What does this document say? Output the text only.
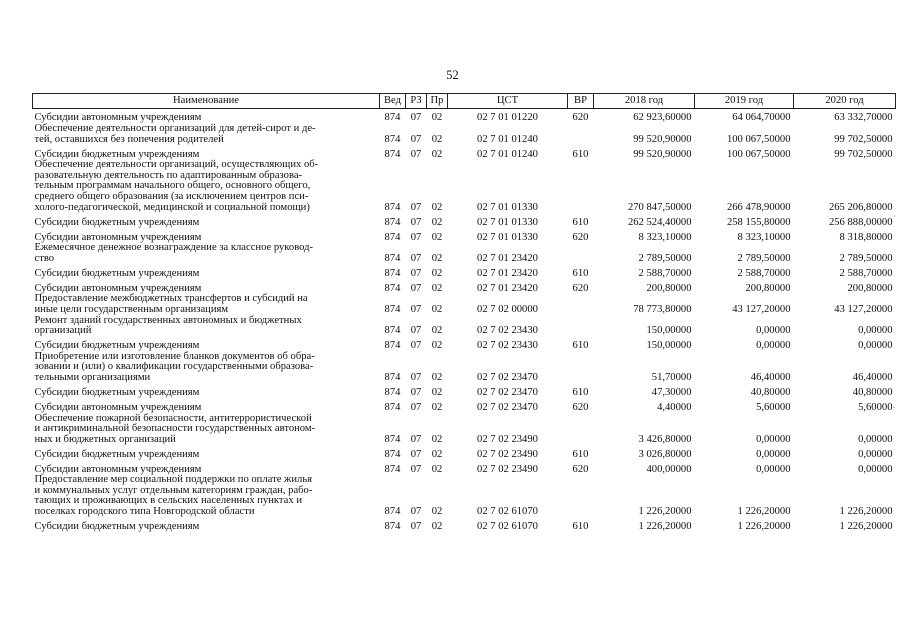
52
Наименование	Вед	РЗ	Пр	ЦСТ	ВР	2018 год	2019 год	2020 год
Субсидии автономным учреждениям	874	07	02	02 7 01 01220	620	62 923,60000	64 064,70000	63 332,70000
Обеспечение деятельности организаций для детей-сирот и де-
тей, оставшихся без попечения родителей	874	07	02	02 7 01 01240		99 520,90000	100 067,50000	99 702,50000
Субсидии бюджетным учреждениям	874	07	02	02 7 01 01240	610	99 520,90000	100 067,50000	99 702,50000
Обеспечение деятельности организаций, осуществляющих об-
разовательную деятельность по адаптированным образова-
тельным программам начального общего, основного общего,
среднего общего образования (за исключением центров пси-
холого-педагогической, медицинской и социальной помощи)	874	07	02	02 7 01 01330		270 847,50000	266 478,90000	265 206,80000
Субсидии бюджетным учреждениям	874	07	02	02 7 01 01330	610	262 524,40000	258 155,80000	256 888,00000
Субсидии автономным учреждениям	874	07	02	02 7 01 01330	620	8 323,10000	8 323,10000	8 318,80000
Ежемесячное денежное вознаграждение за классное руковод-
ство	874	07	02	02 7 01 23420		2 789,50000	2 789,50000	2 789,50000
Субсидии бюджетным учреждениям	874	07	02	02 7 01 23420	610	2 588,70000	2 588,70000	2 588,70000
Субсидии автономным учреждениям	874	07	02	02 7 01 23420	620	200,80000	200,80000	200,80000
Предоставление межбюджетных трансфертов и субсидий на
иные цели государственным организациям	874	07	02	02 7 02 00000		78 773,80000	43 127,20000	43 127,20000
Ремонт зданий государственных автономных и бюджетных
организаций	874	07	02	02 7 02 23430		150,00000	0,00000	0,00000
Субсидии бюджетным учреждениям	874	07	02	02 7 02 23430	610	150,00000	0,00000	0,00000
Приобретение или изготовление бланков документов об обра-
зовании и (или) о квалификации государственными образова-
тельными организациями	874	07	02	02 7 02 23470		51,70000	46,40000	46,40000
Субсидии бюджетным учреждениям	874	07	02	02 7 02 23470	610	47,30000	40,80000	40,80000
Субсидии автономным учреждениям	874	07	02	02 7 02 23470	620	4,40000	5,60000	5,60000
Обеспечение пожарной безопасности, антитеррористической
и антикриминальной безопасности государственных автоном-
ных и бюджетных организаций	874	07	02	02 7 02 23490		3 426,80000	0,00000	0,00000
Субсидии бюджетным учреждениям	874	07	02	02 7 02 23490	610	3 026,80000	0,00000	0,00000
Субсидии автономным учреждениям	874	07	02	02 7 02 23490	620	400,00000	0,00000	0,00000
Предоставление мер социальной поддержки по оплате жилья
и коммунальных услуг отдельным категориям граждан, рабо-
тающих и проживающих в сельских населенных пунктах и
поселках городского типа Новгородской области	874	07	02	02 7 02 61070		1 226,20000	1 226,20000	1 226,20000
Субсидии бюджетным учреждениям	874	07	02	02 7 02 61070	610	1 226,20000	1 226,20000	1 226,20000
´
.
